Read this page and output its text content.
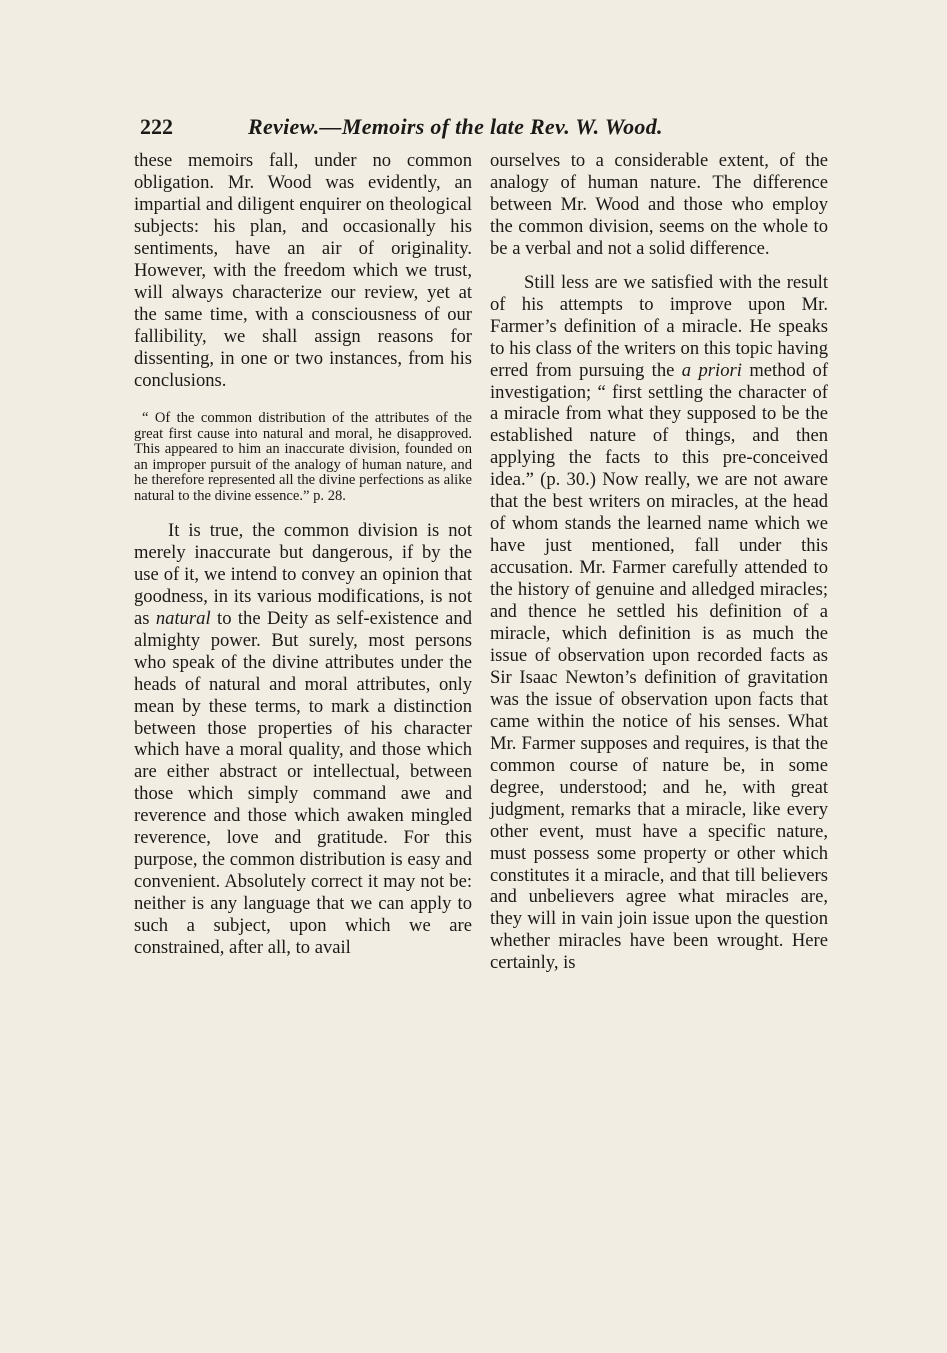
222	Review.—Memoirs of the late Rev. W. Wood.

these memoirs fall, under no common obligation. Mr. Wood was evidently, an impartial and diligent enquirer on theological subjects: his plan, and occasionally his sentiments, have an air of originality. However, with the freedom which we trust, will always characterize our review, yet at the same time, with a consciousness of our fallibility, we shall assign reasons for dissenting, in one or two instances, from his conclusions.

“ Of the common distribution of the attributes of the great first cause into natural and moral, he disapproved. This appeared to him an inaccurate division, founded on an improper pursuit of the analogy of human nature, and he therefore represented all the divine perfections as alike natural to the divine essence.” p. 28.

It is true, the common division is not merely inaccurate but dangerous, if by the use of it, we intend to convey an opinion that goodness, in its various modifications, is not as natural to the Deity as self-existence and almighty power. But surely, most persons who speak of the divine attributes under the heads of natural and moral attributes, only mean by these terms, to mark a distinction between those properties of his character which have a moral quality, and those which are either abstract or intellectual, between those which simply command awe and reverence and those which awaken mingled reverence, love and gratitude. For this purpose, the common distribution is easy and convenient. Absolutely correct it may not be: neither is any language that we can apply to such a subject, upon which we are constrained, after all, to avail

ourselves to a considerable extent, of the analogy of human nature. The difference between Mr. Wood and those who employ the common division, seems on the whole to be a verbal and not a solid difference.

Still less are we satisfied with the result of his attempts to improve upon Mr. Farmer’s definition of a miracle. He speaks to his class of the writers on this topic having erred from pursuing the a priori method of investigation; “ first settling the character of a miracle from what they supposed to be the established nature of things, and then applying the facts to this pre-conceived idea.” (p. 30.) Now really, we are not aware that the best writers on miracles, at the head of whom stands the learned name which we have just mentioned, fall under this accusation. Mr. Farmer carefully attended to the history of genuine and alledged miracles; and thence he settled his definition of a miracle, which definition is as much the issue of observation upon recorded facts as Sir Isaac Newton’s definition of gravitation was the issue of observation upon facts that came within the notice of his senses. What Mr. Farmer supposes and requires, is that the common course of nature be, in some degree, understood; and he, with great judgment, remarks that a miracle, like every other event, must have a specific nature, must possess some property or other which constitutes it a miracle, and that till believers and unbelievers agree what miracles are, they will in vain join issue upon the question whether miracles have been wrought. Here certainly, is
